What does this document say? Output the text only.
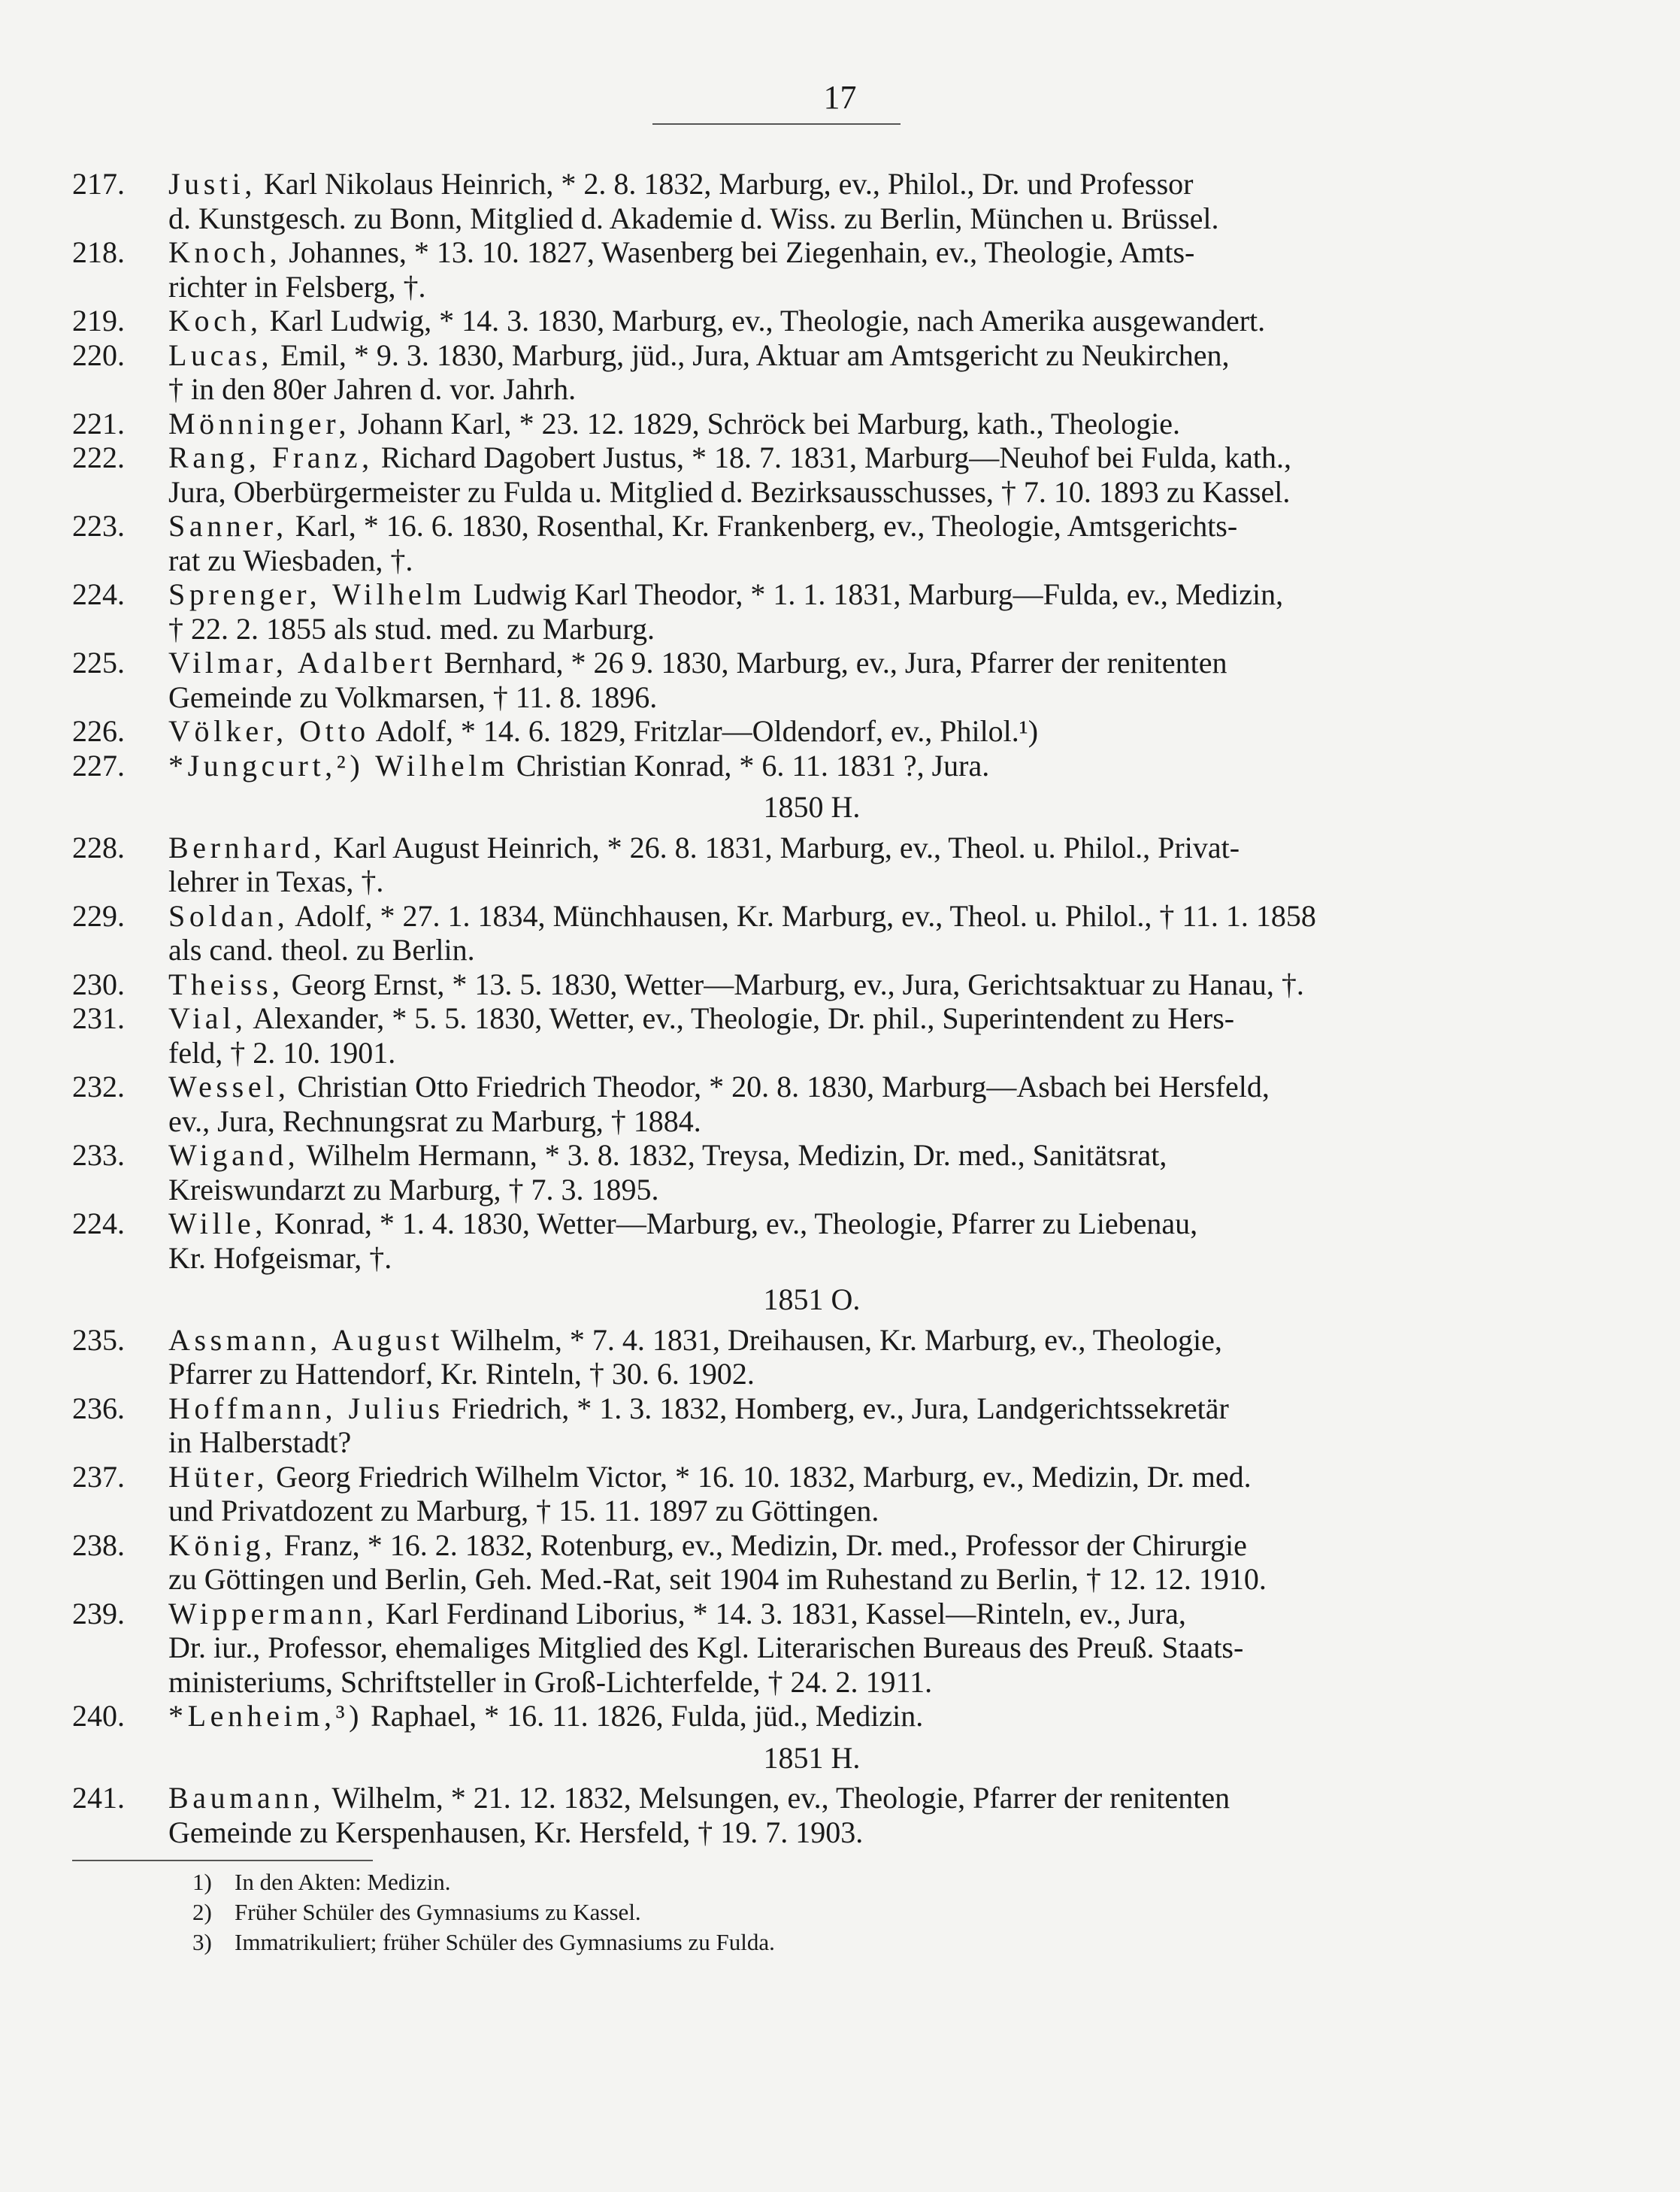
17
217.	Justi, Karl Nikolaus Heinrich, * 2. 8. 1832, Marburg, ev., Philol., Dr. und Professor
d. Kunstgesch. zu Bonn, Mitglied d. Akademie d. Wiss. zu Berlin, München u. Brüssel.
218.	Knoch, Johannes, * 13. 10. 1827, Wasenberg bei Ziegenhain, ev., Theologie, Amts-
richter in Felsberg, †.
219.	Koch, Karl Ludwig, * 14. 3. 1830, Marburg, ev., Theologie, nach Amerika ausgewandert.
220.	Lucas, Emil, * 9. 3. 1830, Marburg, jüd., Jura, Aktuar am Amtsgericht zu Neukirchen,
† in den 80er Jahren d. vor. Jahrh.
221.	Mönninger, Johann Karl, * 23. 12. 1829, Schröck bei Marburg, kath., Theologie.
222.	Rang, Franz, Richard Dagobert Justus, * 18. 7. 1831, Marburg—Neuhof bei Fulda, kath.,
Jura, Oberbürgermeister zu Fulda u. Mitglied d. Bezirksausschusses, † 7. 10. 1893 zu Kassel.
223.	Sanner, Karl, * 16. 6. 1830, Rosenthal, Kr. Frankenberg, ev., Theologie, Amtsgerichts-
rat zu Wiesbaden, †.
224.	Sprenger, Wilhelm Ludwig Karl Theodor, * 1. 1. 1831, Marburg—Fulda, ev., Medizin,
† 22. 2. 1855 als stud. med. zu Marburg.
225.	Vilmar, Adalbert Bernhard, * 26 9. 1830, Marburg, ev., Jura, Pfarrer der renitenten
Gemeinde zu Volkmarsen, † 11. 8. 1896.
226.	Völker, Otto Adolf, * 14. 6. 1829, Fritzlar—Oldendorf, ev., Philol.¹)
227.	*Jungcurt,²) Wilhelm Christian Konrad, * 6. 11. 1831 ?, Jura.
1850 H.
228.	Bernhard, Karl August Heinrich, * 26. 8. 1831, Marburg, ev., Theol. u. Philol., Privat-
lehrer in Texas, †.
229.	Soldan, Adolf, * 27. 1. 1834, Münchhausen, Kr. Marburg, ev., Theol. u. Philol., † 11. 1. 1858
als cand. theol. zu Berlin.
230.	Theiss, Georg Ernst, * 13. 5. 1830, Wetter—Marburg, ev., Jura, Gerichtsaktuar zu Hanau, †.
231.	Vial, Alexander, * 5. 5. 1830, Wetter, ev., Theologie, Dr. phil., Superintendent zu Hers-
feld, † 2. 10. 1901.
232.	Wessel, Christian Otto Friedrich Theodor, * 20. 8. 1830, Marburg—Asbach bei Hersfeld,
ev., Jura, Rechnungsrat zu Marburg, † 1884.
233.	Wigand, Wilhelm Hermann, * 3. 8. 1832, Treysa, Medizin, Dr. med., Sanitätsrat,
Kreiswundarzt zu Marburg, † 7. 3. 1895.
224.	Wille, Konrad, * 1. 4. 1830, Wetter—Marburg, ev., Theologie, Pfarrer zu Liebenau,
Kr. Hofgeismar, †.
1851 O.
235.	Assmann, August Wilhelm, * 7. 4. 1831, Dreihausen, Kr. Marburg, ev., Theologie,
Pfarrer zu Hattendorf, Kr. Rinteln, † 30. 6. 1902.
236.	Hoffmann, Julius Friedrich, * 1. 3. 1832, Homberg, ev., Jura, Landgerichtssekretär
in Halberstadt?
237.	Hüter, Georg Friedrich Wilhelm Victor, * 16. 10. 1832, Marburg, ev., Medizin, Dr. med.
und Privatdozent zu Marburg, † 15. 11. 1897 zu Göttingen.
238.	König, Franz, * 16. 2. 1832, Rotenburg, ev., Medizin, Dr. med., Professor der Chirurgie
zu Göttingen und Berlin, Geh. Med.-Rat, seit 1904 im Ruhestand zu Berlin, † 12. 12. 1910.
239.	Wippermann, Karl Ferdinand Liborius, * 14. 3. 1831, Kassel—Rinteln, ev., Jura,
Dr. iur., Professor, ehemaliges Mitglied des Kgl. Literarischen Bureaus des Preuß. Staats-
ministeriums, Schriftsteller in Groß-Lichterfelde, † 24. 2. 1911.
240.	*Lenheim,³) Raphael, * 16. 11. 1826, Fulda, jüd., Medizin.
1851 H.
241.	Baumann, Wilhelm, * 21. 12. 1832, Melsungen, ev., Theologie, Pfarrer der renitenten
Gemeinde zu Kerspenhausen, Kr. Hersfeld, † 19. 7. 1903.
1) In den Akten: Medizin.
2) Früher Schüler des Gymnasiums zu Kassel.
3) Immatrikuliert; früher Schüler des Gymnasiums zu Fulda.
